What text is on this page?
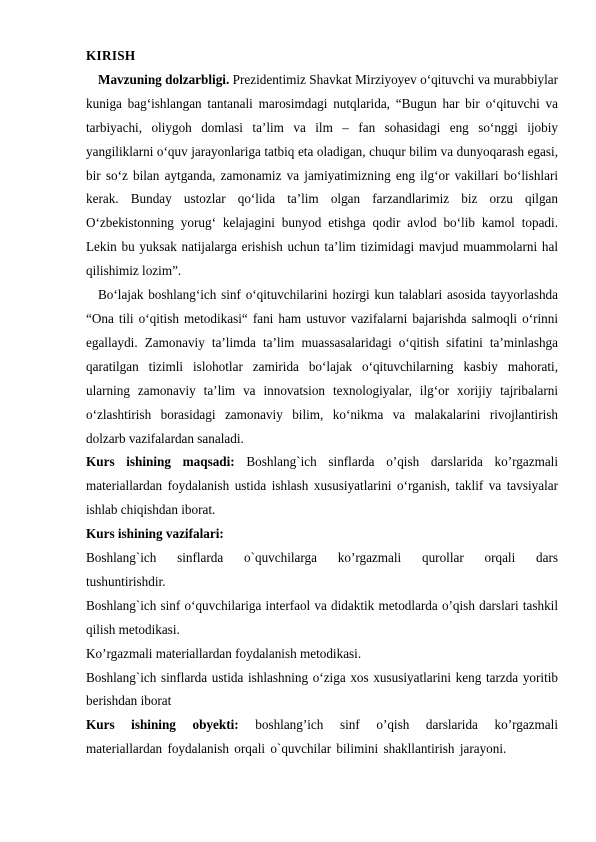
KIRISH

Mavzuning dolzarbligi. Prezidentimiz Shavkat Mirziyoyev o‘qituvchi va murabbiylar kuniga bag‘ishlangan tantanali marosimdagi nutqlarida, “Bugun har bir o‘qituvchi va tarbiyachi, oliygoh domlasi ta’lim va ilm – fan sohasidagi eng so‘nggi ijobiy yangiliklarni o‘quv jarayonlariga tatbiq eta oladigan, chuqur bilim va dunyoqarash egasi, bir so‘z bilan aytganda, zamonamiz va jamiyatimizning eng ilg‘or vakillari bo‘lishlari kerak. Bunday ustozlar qo‘lida ta’lim olgan farzandlarimiz biz orzu qilgan O‘zbekistonning yorug‘ kelajagini bunyod etishga qodir avlod bo‘lib kamol topadi. Lekin bu yuksak natijalarga erishish uchun ta’lim tizimidagi mavjud muammolarni hal qilishimiz lozim”.

Bo‘lajak boshlang‘ich sinf o‘qituvchilarini hozirgi kun talablari asosida tayyorlashda “Ona tili o‘qitish metodikasi“ fani ham ustuvor vazifalarni bajarishda salmoqli o‘rinni egallaydi. Zamonaviy ta’limda ta’lim muassasalaridagi o‘qitish sifatini ta’minlashga qaratilgan tizimli islohotlar zamirida bo‘lajak o‘qituvchilarning kasbiy mahorati, ularning zamonaviy ta’lim va innovatsion texnologiyalar, ilg‘or xorijiy tajribalarni o‘zlashtirish borasidagi zamonaviy bilim, ko‘nikma va malakalarini rivojlantirish dolzarb vazifalardan sanaladi.

Kurs ishining maqsadi: Boshlang`ich sinflarda o’qish darslarida ko’rgazmali materiallardan foydalanish ustida ishlash xususiyatlarini o‘rganish, taklif va tavsiyalar ishlab chiqishdan iborat.

Kurs ishining vazifalari:

Boshlang`ich sinflarda o`quvchilarga ko’rgazmali qurollar orqali dars tushuntirishdir.

Boshlang`ich sinf o‘quvchilariga interfaol va didaktik metodlarda o’qish darslari tashkil qilish metodikasi.

Ko’rgazmali materiallardan foydalanish metodikasi.

Boshlang`ich sinflarda ustida ishlashning o‘ziga xos xususiyatlarini keng tarzda yoritib berishdan iborat

Kurs ishining obyekti: boshlang’ich sinf o’qish darslarida ko’rgazmali materiallardan foydalanish orqali o`quvchilar bilimini shakllantirish jarayoni.
